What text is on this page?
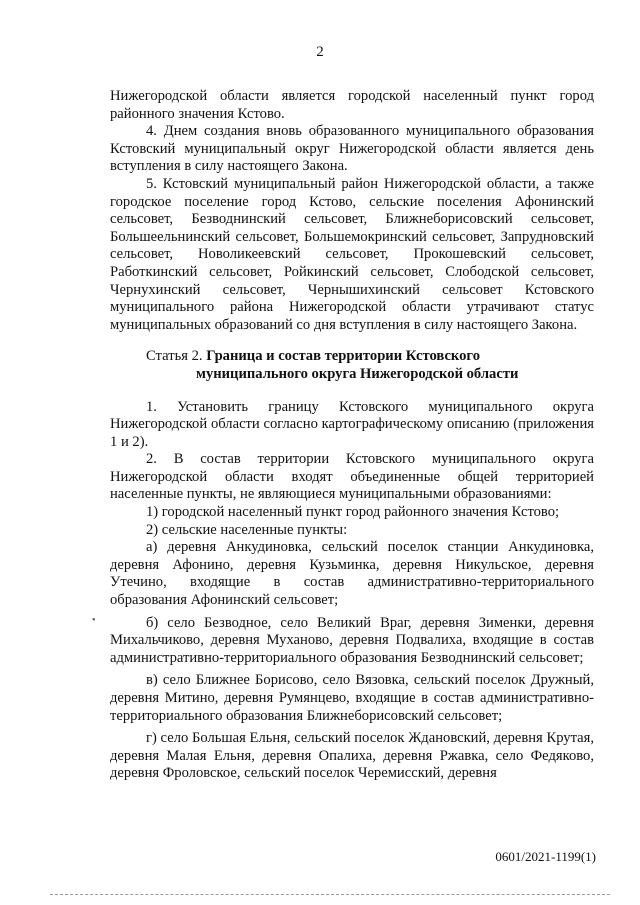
2

Нижегородской области является городской населенный пункт город районного значения Кстово.

4. Днем создания вновь образованного муниципального образования Кстовский муниципальный округ Нижегородской области является день вступления в силу настоящего Закона.

5. Кстовский муниципальный район Нижегородской области, а также городское поселение город Кстово, сельские поселения Афонинский сельсовет, Безводнинский сельсовет, Ближнеборисовский сельсовет, Большеельнинский сельсовет, Большемокринский сельсовет, Запрудновский сельсовет, Новоликеевский сельсовет, Прокошевский сельсовет, Работкинский сельсовет, Ройкинский сельсовет, Слободской сельсовет, Чернухинский сельсовет, Чернышихинский сельсовет Кстовского муниципального района Нижегородской области утрачивают статус муниципальных образований со дня вступления в силу настоящего Закона.

Статья 2. Граница и состав территории Кстовского
муниципального округа Нижегородской области

1. Установить границу Кстовского муниципального округа Нижегородской области согласно картографическому описанию (приложения 1 и 2).

2. В состав территории Кстовского муниципального округа Нижегородской области входят объединенные общей территорией населенные пункты, не являющиеся муниципальными образованиями:

1) городской населенный пункт город районного значения Кстово;

2) сельские населенные пункты:

а) деревня Анкудиновка, сельский поселок станции Анкудиновка, деревня Афонино, деревня Кузьминка, деревня Никульское, деревня Утечино, входящие в состав административно-территориального образования Афонинский сельсовет;

б) село Безводное, село Великий Враг, деревня Зименки, деревня Михальчиково, деревня Муханово, деревня Подвалиха, входящие в состав административно-территориального образования Безводнинский сельсовет;

в) село Ближнее Борисово, село Вязовка, сельский поселок Дружный, деревня Митино, деревня Румянцево, входящие в состав административно-территориального образования Ближнеборисовский сельсовет;

г) село Большая Ельня, сельский поселок Ждановский, деревня Крутая, деревня Малая Ельня, деревня Опалиха, деревня Ржавка, село Федяково, деревня Фроловское, сельский поселок Черемисский, деревня

•
0601/2021-1199(1)
